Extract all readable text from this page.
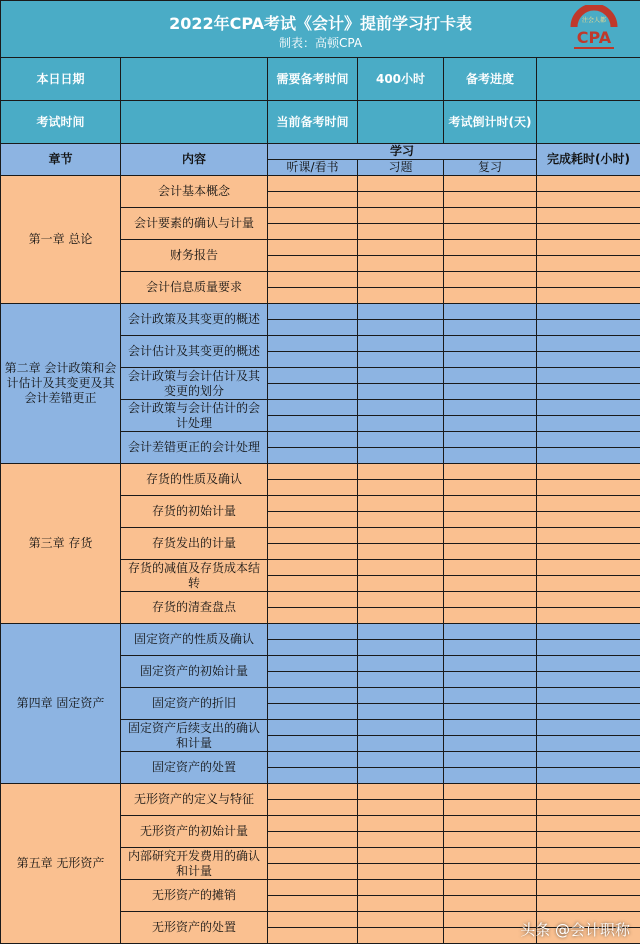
2022年CPA考试《会计》提前学习打卡表
制表：高顿CPA
注会人都
CPA					

本日日期		需要备考时间	400小时	备考进度	
考试时间		当前备考时间		考试倒计时(天)	
章节	内容	学习			完成耗时(小时)
		听课/看书	习题	复习	
第一章 总论	会计基本概念				

	会计要素的确认与计量				

	财务报告				

	会计信息质量要求				

第二章 会计政策和会计估计及其变更及其会计差错更正	会计政策及其变更的概述				

	会计估计及其变更的概述				

	会计政策与会计估计及其变更的划分				

	会计政策与会计估计的会计处理				

	会计差错更正的会计处理				

第三章 存货	存货的性质及确认				

	存货的初始计量				

	存货发出的计量				

	存货的减值及存货成本结转				

	存货的清查盘点				

第四章 固定资产	固定资产的性质及确认				

	固定资产的初始计量				

	固定资产的折旧				

	固定资产后续支出的确认和计量				

	固定资产的处置				

第五章 无形资产	无形资产的定义与特征				

	无形资产的初始计量				

	内部研究开发费用的确认和计量				

	无形资产的摊销				

	无形资产的处置				
				头条 @会计职称
